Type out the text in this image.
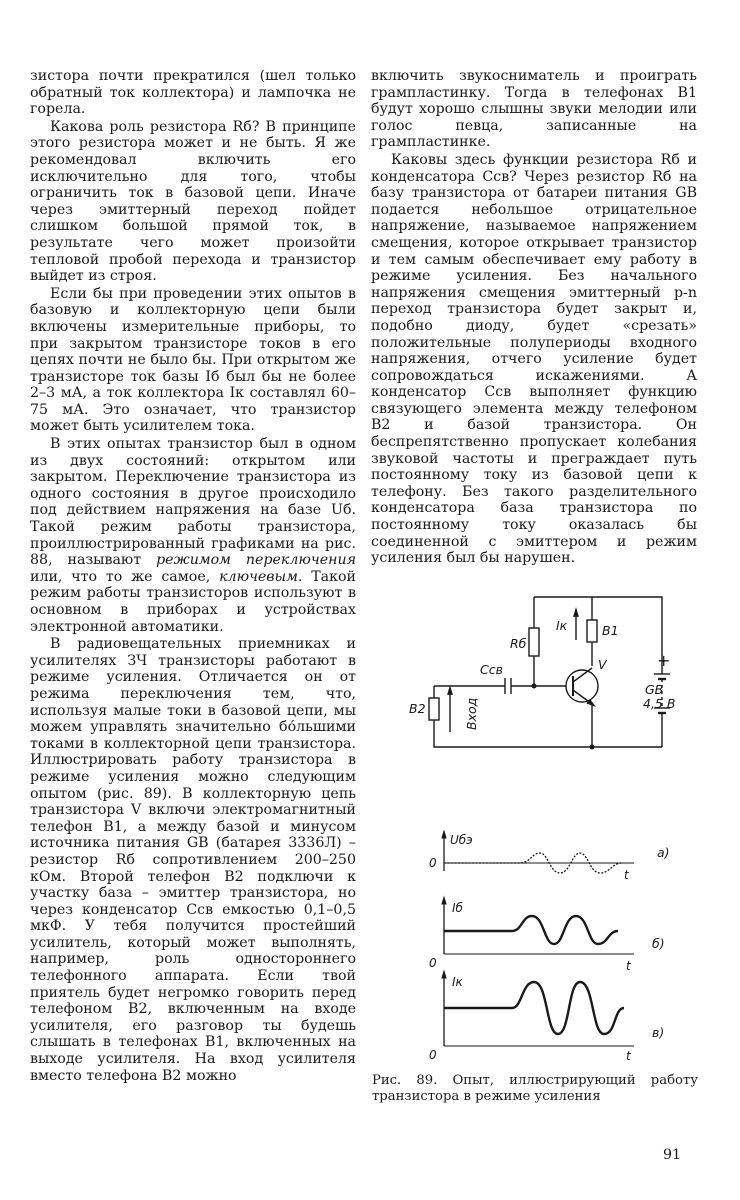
зистора почти прекратился (шел только обратный ток коллектора) и лампочка не горела.

Какова роль резистора Rб? В принципе этого резистора может и не быть. Я же рекомендовал включить его исключительно для того, чтобы ограничить ток в базовой цепи. Иначе через эмиттерный переход пойдет слишком большой прямой ток, в результате чего может произойти тепловой пробой перехода и транзистор выйдет из строя.

Если бы при проведении этих опытов в базовую и коллекторную цепи были включены измерительные приборы, то при закрытом транзисторе токов в его цепях почти не было бы. При открытом же транзисторе ток базы Iб был бы не более 2–3 мА, а ток коллектора Iк составлял 60–75 мА. Это означает, что транзистор может быть усилителем тока.

В этих опытах транзистор был в одном из двух состояний: открытом или закрытом. Переключение транзистора из одного состояния в другое происходило под действием напряжения на базе Uб. Такой режим работы транзистора, проиллюстрированный графиками на рис. 88, называют режимом переключения или, что то же самое, ключевым. Такой режим работы транзисторов используют в основном в приборах и устройствах электронной автоматики.

В радиовещательных приемниках и усилителях ЗЧ транзисторы работают в режиме усиления. Отличается он от режима переключения тем, что, используя малые токи в базовой цепи, мы можем управлять значительно бо́льшими токами в коллекторной цепи транзистора. Иллюстрировать работу транзистора в режиме усиления можно следующим опытом (рис. 89). В коллекторную цепь транзистора V включи электромагнитный телефон B1, а между базой и минусом источника питания GB (батарея 3336Л) – резистор Rб сопротивлением 200–250 кОм. Второй телефон B2 подключи к участку база – эмиттер транзистора, но через конденсатор Cсв емкостью 0,1–0,5 мкФ. У тебя получится простейший усилитель, который может выполнять, например, роль одностороннего телефонного аппарата. Если твой приятель будет негромко говорить перед телефоном B2, включенным на входе усилителя, его разговор ты будешь слышать в телефонах B1, включенных на выходе усилителя. На вход усилителя вместо телефона B2 можно

включить звукосниматель и проиграть грампластинку. Тогда в телефонах B1 будут хорошо слышны звуки мелодии или голос певца, записанные на грампластинке.

Каковы здесь функции резистора Rб и конденсатора Cсв? Через резистор Rб на базу транзистора от батареи питания GB подается небольшое отрицательное напряжение, называемое напряжением смещения, которое открывает транзистор и тем самым обеспечивает ему работу в режиме усиления. Без начального напряжения смещения эмиттерный p-n переход транзистора будет закрыт и, подобно диоду, будет «срезать» положительные полупериоды входного напряжения, отчего усиление будет сопровождаться искажениями. А конденсатор Cсв выполняет функцию связующего элемента между телефоном B2 и базой транзистора. Он беспрепятственно пропускает колебания звуковой частоты и преграждает путь постоянному току из базовой цепи к телефону. Без такого разделительного конденсатора база транзистора по постоянному току оказалась бы соединенной с эмиттером и режим усиления был бы нарушен.

Rб
Iк	B1
V
Cсв	+
GB
4,5 В
B2	Вход
Uбэ
0
t
а)
Iб
0	t
б)
Iк
0	t
в)
Рис. 89. Опыт, иллюстрирующий работу
транзистора в режиме усиления
91
